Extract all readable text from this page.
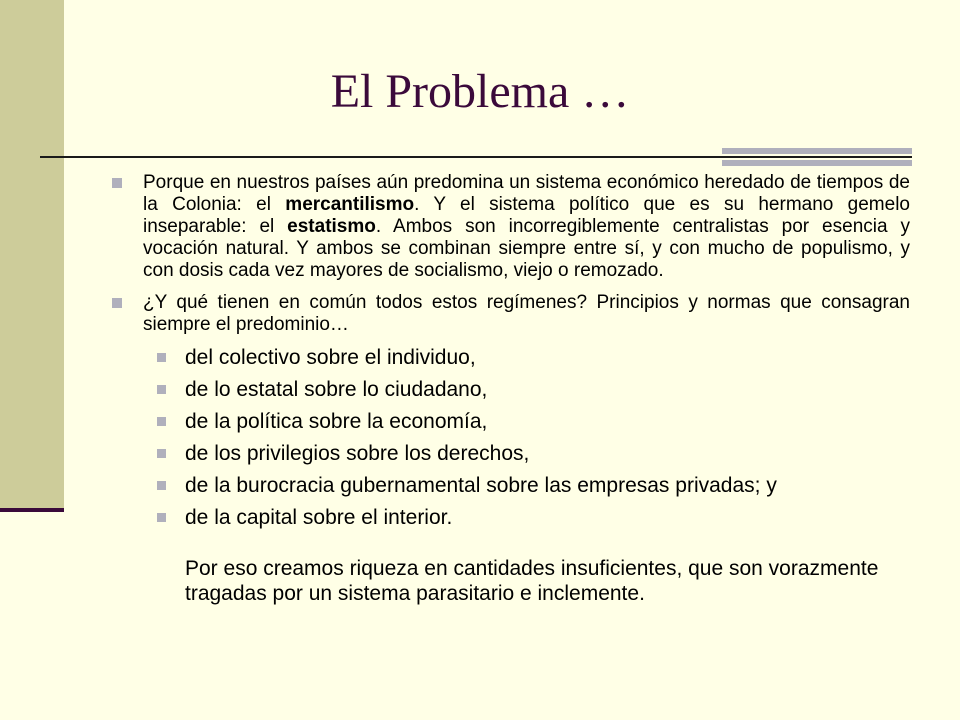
El Problema …
Porque en nuestros países aún predomina un sistema económico heredado de tiempos de la Colonia: el mercantilismo. Y el sistema político que es su hermano gemelo inseparable: el estatismo. Ambos son incorregiblemente centralistas por esencia y vocación natural. Y ambos se combinan siempre entre sí, y con mucho de populismo, y con dosis cada vez mayores de socialismo, viejo o remozado.
¿Y qué tienen en común todos estos regímenes? Principios y normas que consagran siempre el predominio…
del colectivo sobre el individuo,
de lo estatal sobre lo ciudadano,
de la política sobre la economía,
de los privilegios sobre los derechos,
de la burocracia gubernamental sobre las empresas privadas; y
de la capital sobre el interior.
Por eso creamos riqueza en cantidades insuficientes, que son vorazmente tragadas por un sistema parasitario e inclemente.
